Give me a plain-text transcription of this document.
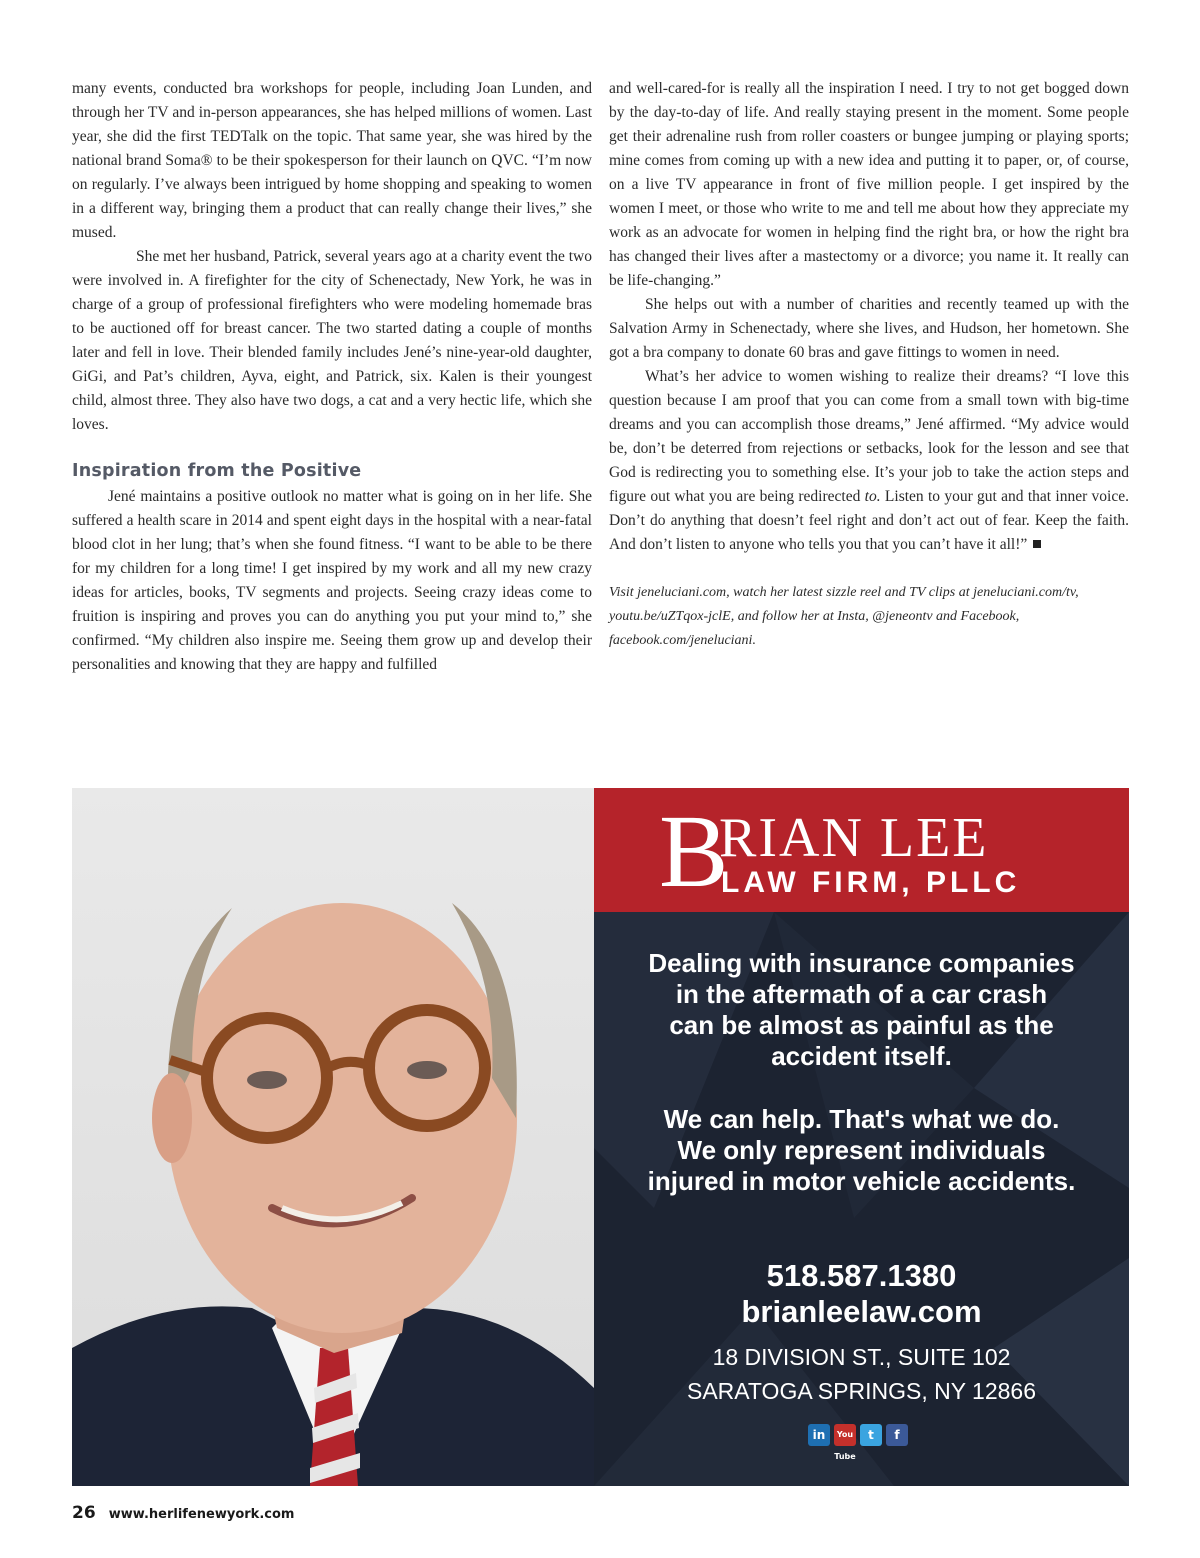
many events, conducted bra workshops for people, including Joan Lunden, and through her TV and in-person appearances, she has helped millions of women. Last year, she did the first TEDTalk on the topic. That same year, she was hired by the national brand Soma® to be their spokesperson for their launch on QVC. “I’m now on regularly. I’ve always been intrigued by home shopping and speaking to women in a different way, bringing them a product that can really change their lives,” she mused.

She met her husband, Patrick, several years ago at a charity event the two were involved in. A firefighter for the city of Schenectady, New York, he was in charge of a group of professional firefighters who were modeling homemade bras to be auctioned off for breast cancer. The two started dating a couple of months later and fell in love. Their blended family includes Jené’s nine-year-old daughter, GiGi, and Pat’s children, Ayva, eight, and Patrick, six. Kalen is their youngest child, almost three. They also have two dogs, a cat and a very hectic life, which she loves.

Inspiration from the Positive

Jené maintains a positive outlook no matter what is going on in her life. She suffered a health scare in 2014 and spent eight days in the hospital with a near-fatal blood clot in her lung; that’s when she found fitness. “I want to be able to be there for my children for a long time! I get inspired by my work and all my new crazy ideas for articles, books, TV segments and projects. Seeing crazy ideas come to fruition is inspiring and proves you can do anything you put your mind to,” she confirmed. “My children also inspire me. Seeing them grow up and develop their personalities and knowing that they are happy and fulfilled

and well-cared-for is really all the inspiration I need. I try to not get bogged down by the day-to-day of life. And really staying present in the moment. Some people get their adrenaline rush from roller coasters or bungee jumping or playing sports; mine comes from coming up with a new idea and putting it to paper, or, of course, on a live TV appearance in front of five million people. I get inspired by the women I meet, or those who write to me and tell me about how they appreciate my work as an advocate for women in helping find the right bra, or how the right bra has changed their lives after a mastectomy or a divorce; you name it. It really can be life-changing.”

She helps out with a number of charities and recently teamed up with the Salvation Army in Schenectady, where she lives, and Hudson, her hometown. She got a bra company to donate 60 bras and gave fittings to women in need.

What’s her advice to women wishing to realize their dreams? “I love this question because I am proof that you can come from a small town with big-time dreams and you can accomplish those dreams,” Jené affirmed. “My advice would be, don’t be deterred from rejections or setbacks, look for the lesson and see that God is redirecting you to something else. It’s your job to take the action steps and figure out what you are being redirected to. Listen to your gut and that inner voice. Don’t do anything that doesn’t feel right and don’t act out of fear. Keep the faith. And don’t listen to anyone who tells you that you can’t have it all!”

Visit jeneluciani.com, watch her latest sizzle reel and TV clips at jeneluciani.com/tv, youtu.be/uZTqox-jclE, and follow her at Insta, @jeneontv and Facebook, facebook.com/jeneluciani.

B
RIAN LEE
LAW FIRM, PLLC
Dealing with insurance companies
in the aftermath of a car crash
can be almost as painful as the
accident itself.
We can help. That's what we do.
We only represent individuals
injured in motor vehicle accidents.
518.587.1380
brianleelaw.com
18 DIVISION ST., SUITE 102
SARATOGA SPRINGS, NY 12866
in	You Tube
t	f
26 www.herlifenewyork.com
